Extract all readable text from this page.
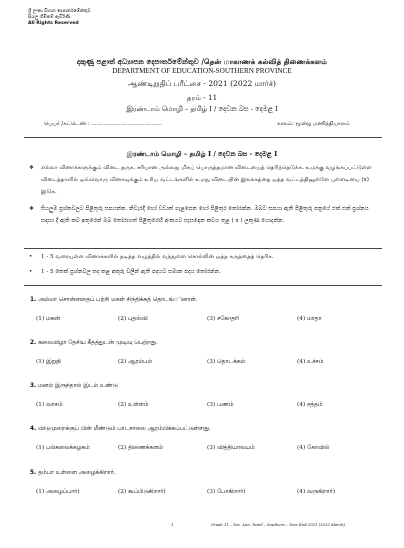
ශ්‍රී ලංකා විභාග දෙපාර්තමේන්තුව
සියලු හිමිකම් ඇවිරිණි
All Rights Reserved
දකුණු පළාත් අධ්‍යාපන දෙපාර්තමේන්තුව /தென் மாகாணக் கல்வித் திணைக்களம்
DEPARTMENT OF EDUCATION-SOUTHERN PROVINCE
ஆண்டிறுதிப் பரீட்சை - 2021 (2022 மார்ச்)
தரம் - 11
இரண்டாம் மொழி – தமிழ் I / දෙවන බස - දෙමළ I
பெயர் /சுட்டெண் : .........................................	காலம்: மூன்று மணித்தியாலம்
இரண்டாம் மொழி – தமிழ் I / දෙවන බස - දෙමළ I
❖ எல்லா வினாக்களுக்கும் விடை தருக. சரியான அல்லது மிகப் பொருத்தமான விடையைத் தெரிந்தெடுக்க. உமக்கு வழங்கப்பட்டுள்ள விடைத்தாளில் ஒவ்வொரு வினாவுக்கும் உரிய வட்டங்களில் உமது விடையின் இலக்கத்தை ஒத்த வட்டத்தினுள்ளே புள்ளடியை (x) இடுக.
❖ සියලුම ප්‍රශ්නවලට පිළිතුරු සපයන්න. නිවැරදි හෝ වඩාත් ගැළපෙන හෝ පිළිතුර තෝරන්න. ඔබට සපයා ඇති පිළිතුරු පත්‍රයේ එක් එක් ප්‍රශ්නය සඳහා දී ඇති කව අතුරෙන් ඔබ තෝරාගත් පිළිතුරෙහි අංකයට සැසඳෙන කවය තුළ ( x ) ලකුණ යොදන්න.
• 1 - 5 வரையுள்ள வினாக்களில் தடித்த எழுத்தில் வந்துள்ள சொல்லின் ஒத்த கருத்தைத் தெரிக.
• 1 - 5 තෙක් ප්‍රශ්නවල තද කළ අකුරු වලින් ඇති පදයට සමාන පදය තෝරන්න.
1. அம்மா சொன்னதைப் பற்றி மகள் சிந்திக்கத் தொடங்ினாள்.
(1) மகன்	(2) புதல்வி	(3) சகோதரி	(4) மாதா
2. கலைவிழா தேசிய கீதத்துடன் முடிவு பெற்றது.
(1) இறுதி	(2) ஆரம்பம்	(3) தொடக்கம்	(4) உச்சம்
3. மனம் இருந்தால் இடம் உண்டு
(1) வாசம்	(2) உள்ளம்	(3) பணம்	(4) சத்தம்
4. விடுமுறைக்குப் பின் மீண்டும் பாடசாலை ஆரம்பிக்கப்பட்டுள்ளது.
(1) பல்கலைக்கழகம்	(2) திணைக்களம்	(3) வித்தியாலயம்	(4) கோவில்
5. தம்பா உள்ளை அழைக்கிறார்.
(1) அழைப்பார்)	(2) கூப்பிடுகிறார்)	(3) போகிறார்)	(4) வருகிறார்)
1	Grade 11 – Sec. Lan. Tamil – Southern – Year End-2021 (2022 March)
